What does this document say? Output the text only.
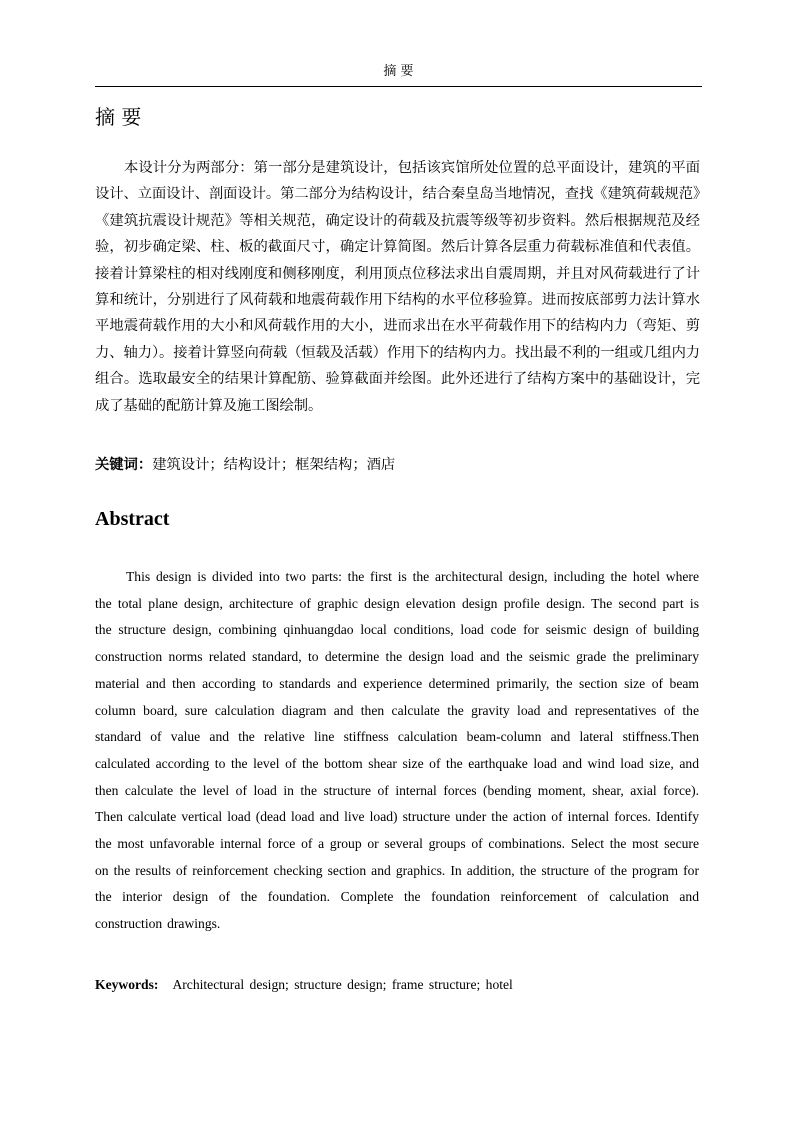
摘 要
摘 要

本设计分为两部分：第一部分是建筑设计，包括该宾馆所处位置的总平面设计，建筑的平面设计、立面设计、剖面设计。第二部分为结构设计，结合秦皇岛当地情况，查找《建筑荷载规范》《建筑抗震设计规范》等相关规范，确定设计的荷载及抗震等级等初步资料。然后根据规范及经验，初步确定梁、柱、板的截面尺寸，确定计算简图。然后计算各层重力荷载标准值和代表值。接着计算梁柱的相对线刚度和侧移刚度，利用顶点位移法求出自震周期，并且对风荷载进行了计算和统计，分别进行了风荷载和地震荷载作用下结构的水平位移验算。进而按底部剪力法计算水平地震荷载作用的大小和风荷载作用的大小，进而求出在水平荷载作用下的结构内力（弯矩、剪力、轴力）。接着计算竖向荷载（恒载及活载）作用下的结构内力。找出最不利的一组或几组内力组合。选取最安全的结果计算配筋、验算截面并绘图。此外还进行了结构方案中的基础设计，完成了基础的配筋计算及施工图绘制。

关键词：建筑设计；结构设计；框架结构；酒店
Abstract

This design is divided into two parts: the first is the architectural design, including the hotel where the total plane design, architecture of graphic design elevation design profile design. The second part is the structure design, combining qinhuangdao local conditions, load code for seismic design of building construction norms related standard, to determine the design load and the seismic grade the preliminary material and then according to standards and experience determined primarily, the section size of beam column board, sure calculation diagram and then calculate the gravity load and representatives of the standard of value and the relative line stiffness calculation beam-column and lateral stiffness.Then calculated according to the level of the bottom shear size of the earthquake load and wind load size, and then calculate the level of load in the structure of internal forces (bending moment, shear, axial force). Then calculate vertical load (dead load and live load) structure under the action of internal forces. Identify the most unfavorable internal force of a group or several groups of combinations. Select the most secure on the results of reinforcement checking section and graphics. In addition, the structure of the program for the interior design of the foundation. Complete the foundation reinforcement of calculation and construction drawings.

Keywords: Architectural design; structure design; frame structure; hotel
